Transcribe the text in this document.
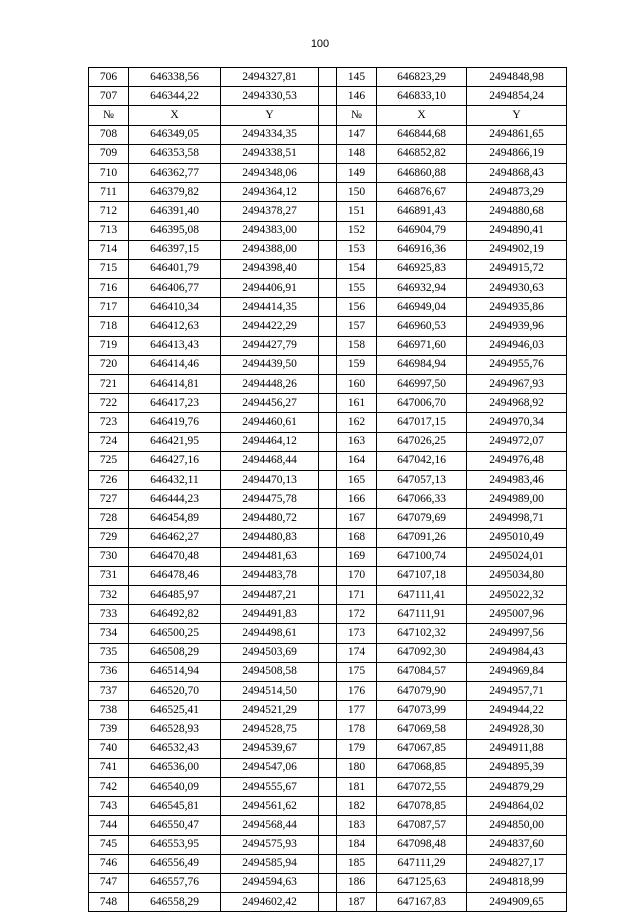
100
706	646338,56	2494327,81		145	646823,29	2494848,98
707	646344,22	2494330,53		146	646833,10	2494854,24
№	X	Y		№	X	Y
708	646349,05	2494334,35		147	646844,68	2494861,65
709	646353,58	2494338,51		148	646852,82	2494866,19
710	646362,77	2494348,06		149	646860,88	2494868,43
711	646379,82	2494364,12		150	646876,67	2494873,29
712	646391,40	2494378,27		151	646891,43	2494880,68
713	646395,08	2494383,00		152	646904,79	2494890,41
714	646397,15	2494388,00		153	646916,36	2494902,19
715	646401,79	2494398,40		154	646925,83	2494915,72
716	646406,77	2494406,91		155	646932,94	2494930,63
717	646410,34	2494414,35		156	646949,04	2494935,86
718	646412,63	2494422,29		157	646960,53	2494939,96
719	646413,43	2494427,79		158	646971,60	2494946,03
720	646414,46	2494439,50		159	646984,94	2494955,76
721	646414,81	2494448,26		160	646997,50	2494967,93
722	646417,23	2494456,27		161	647006,70	2494968,92
723	646419,76	2494460,61		162	647017,15	2494970,34
724	646421,95	2494464,12		163	647026,25	2494972,07
725	646427,16	2494468,44		164	647042,16	2494976,48
726	646432,11	2494470,13		165	647057,13	2494983,46
727	646444,23	2494475,78		166	647066,33	2494989,00
728	646454,89	2494480,72		167	647079,69	2494998,71
729	646462,27	2494480,83		168	647091,26	2495010,49
730	646470,48	2494481,63		169	647100,74	2495024,01
731	646478,46	2494483,78		170	647107,18	2495034,80
732	646485,97	2494487,21		171	647111,41	2495022,32
733	646492,82	2494491,83		172	647111,91	2495007,96
734	646500,25	2494498,61		173	647102,32	2494997,56
735	646508,29	2494503,69		174	647092,30	2494984,43
736	646514,94	2494508,58		175	647084,57	2494969,84
737	646520,70	2494514,50		176	647079,90	2494957,71
738	646525,41	2494521,29		177	647073,99	2494944,22
739	646528,93	2494528,75		178	647069,58	2494928,30
740	646532,43	2494539,67		179	647067,85	2494911,88
741	646536,00	2494547,06		180	647068,85	2494895,39
742	646540,09	2494555,67		181	647072,55	2494879,29
743	646545,81	2494561,62		182	647078,85	2494864,02
744	646550,47	2494568,44		183	647087,57	2494850,00
745	646553,95	2494575,93		184	647098,48	2494837,60
746	646556,49	2494585,94		185	647111,29	2494827,17
747	646557,76	2494594,63		186	647125,63	2494818,99
748	646558,29	2494602,42		187	647167,83	2494909,65
